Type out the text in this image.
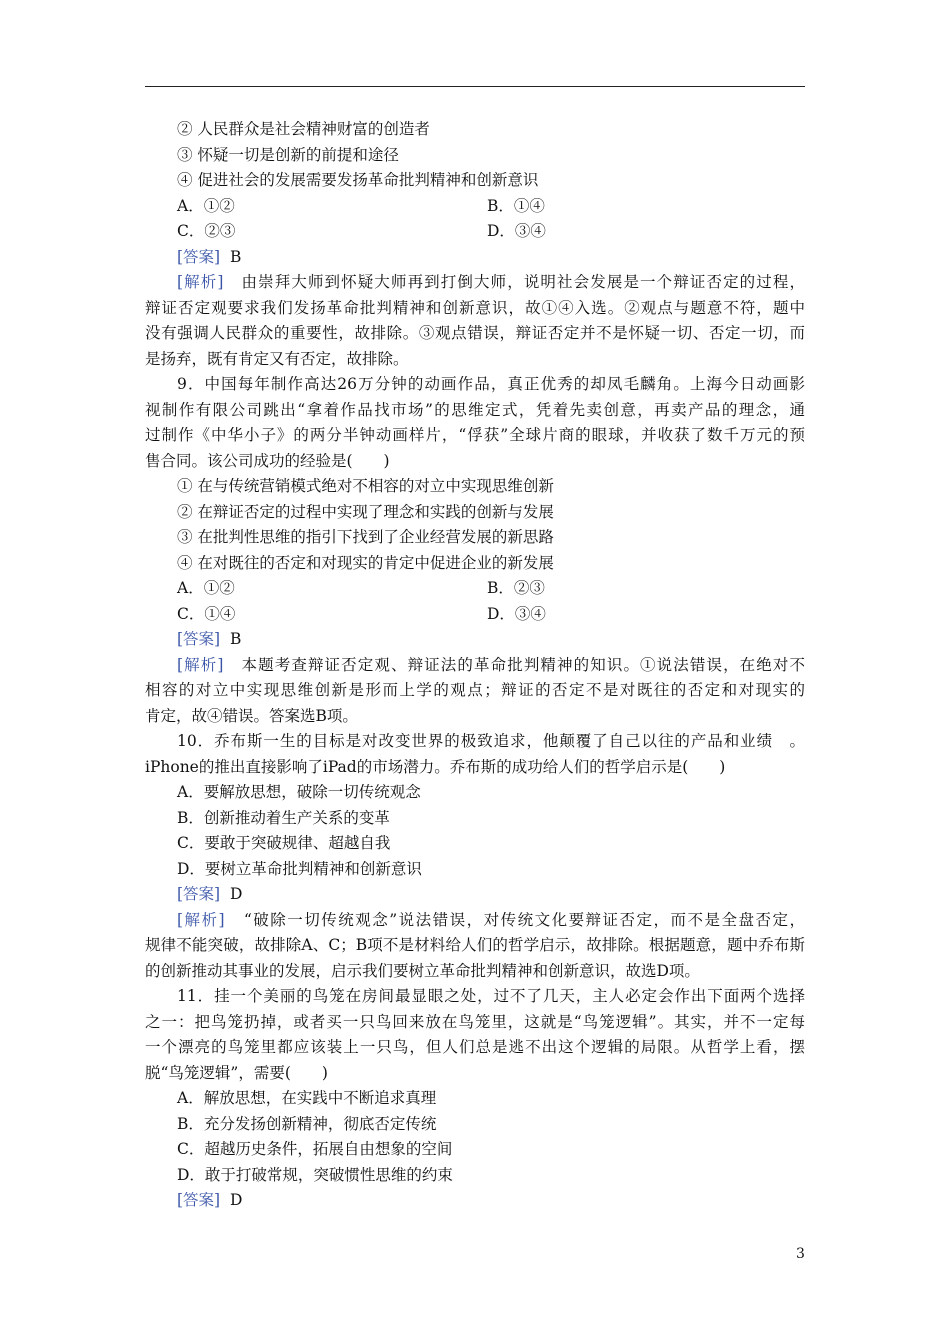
② 人民群众是社会精神财富的创造者
③ 怀疑一切是创新的前提和途径
④ 促进社会的发展需要发扬革命批判精神和创新意识
A．①②	B．①④
C．②③	D．③④
[答案] B
[解析] 由崇拜大师到怀疑大师再到打倒大师，说明社会发展是一个辩证否定的过程，
辩证否定观要求我们发扬革命批判精神和创新意识，故①④入选。②观点与题意不符，题中
没有强调人民群众的重要性，故排除。③观点错误，辩证否定并不是怀疑一切、否定一切，而
是扬弃，既有肯定又有否定，故排除。
9．中国每年制作高达26万分钟的动画作品，真正优秀的却凤毛麟角。上海今日动画影
视制作有限公司跳出“拿着作品找市场”的思维定式，凭着先卖创意，再卖产品的理念，通
过制作《中华小子》的两分半钟动画样片，“俘获”全球片商的眼球，并收获了数千万元的预
售合同。该公司成功的经验是(　　)
① 在与传统营销模式绝对不相容的对立中实现思维创新
② 在辩证否定的过程中实现了理念和实践的创新与发展
③ 在批判性思维的指引下找到了企业经营发展的新思路
④ 在对既往的否定和对现实的肯定中促进企业的新发展
A．①②	B．②③
C．①④	D．③④
[答案] B
[解析] 本题考查辩证否定观、辩证法的革命批判精神的知识。①说法错误，在绝对不
相容的对立中实现思维创新是形而上学的观点；辩证的否定不是对既往的否定和对现实的
肯定，故④错误。答案选B项。
10．乔布斯一生的目标是对改变世界的极致追求，他颠覆了自己以往的产品和业绩　。
iPhone的推出直接影响了iPad的市场潜力。乔布斯的成功给人们的哲学启示是(　　)
A．要解放思想，破除一切传统观念
B．创新推动着生产关系的变革
C．要敢于突破规律、超越自我
D．要树立革命批判精神和创新意识
[答案] D
[解析] “破除一切传统观念”说法错误，对传统文化要辩证否定，而不是全盘否定，
规律不能突破，故排除A、C；B项不是材料给人们的哲学启示，故排除。根据题意，题中乔布斯
的创新推动其事业的发展，启示我们要树立革命批判精神和创新意识，故选D项。
11．挂一个美丽的鸟笼在房间最显眼之处，过不了几天，主人必定会作出下面两个选择
之一：把鸟笼扔掉，或者买一只鸟回来放在鸟笼里，这就是“鸟笼逻辑”。其实，并不一定每
一个漂亮的鸟笼里都应该装上一只鸟，但人们总是逃不出这个逻辑的局限。从哲学上看，摆
脱“鸟笼逻辑”，需要(　　)
A．解放思想，在实践中不断追求真理
B．充分发扬创新精神，彻底否定传统
C．超越历史条件，拓展自由想象的空间
D．敢于打破常规，突破惯性思维的约束
[答案] D
3
